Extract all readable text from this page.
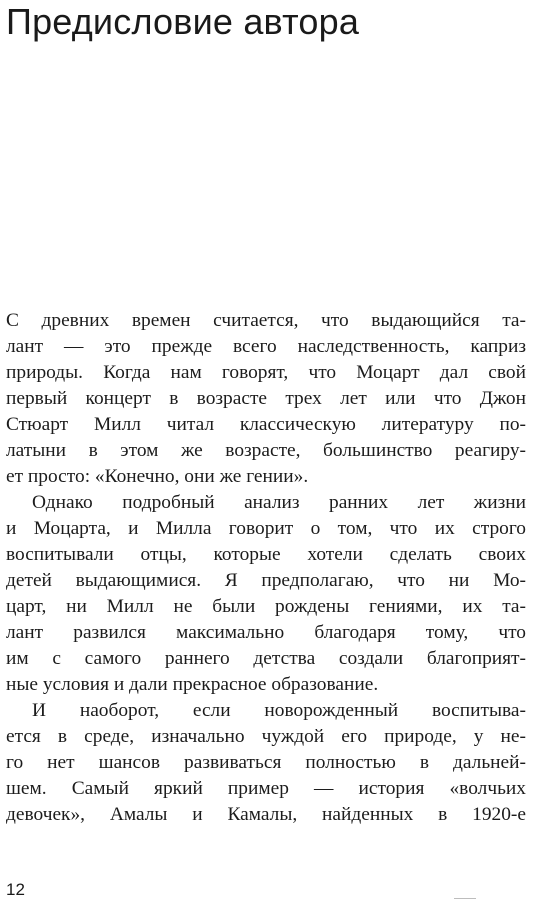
Предисловие автора
С древних времен считается, что выдающийся та-
лант — это прежде всего наследственность, каприз
природы. Когда нам говорят, что Моцарт дал свой
первый концерт в возрасте трех лет или что Джон
Стюарт Милл читал классическую литературу по-
латыни в этом же возрасте, большинство реагиру-
ет просто: «Конечно, они же гении».
Однако подробный анализ ранних лет жизни
и Моцарта, и Милла говорит о том, что их строго
воспитывали отцы, которые хотели сделать своих
детей выдающимися. Я предполагаю, что ни Мо-
царт, ни Милл не были рождены гениями, их та-
лант развился максимально благодаря тому, что
им с самого раннего детства создали благоприят-
ные условия и дали прекрасное образование.
И наоборот, если новорожденный воспитыва-
ется в среде, изначально чуждой его природе, у не-
го нет шансов развиваться полностью в дальней-
шем. Самый яркий пример — история «волчьих
девочек», Амалы и Камалы, найденных в 1920-е
12
